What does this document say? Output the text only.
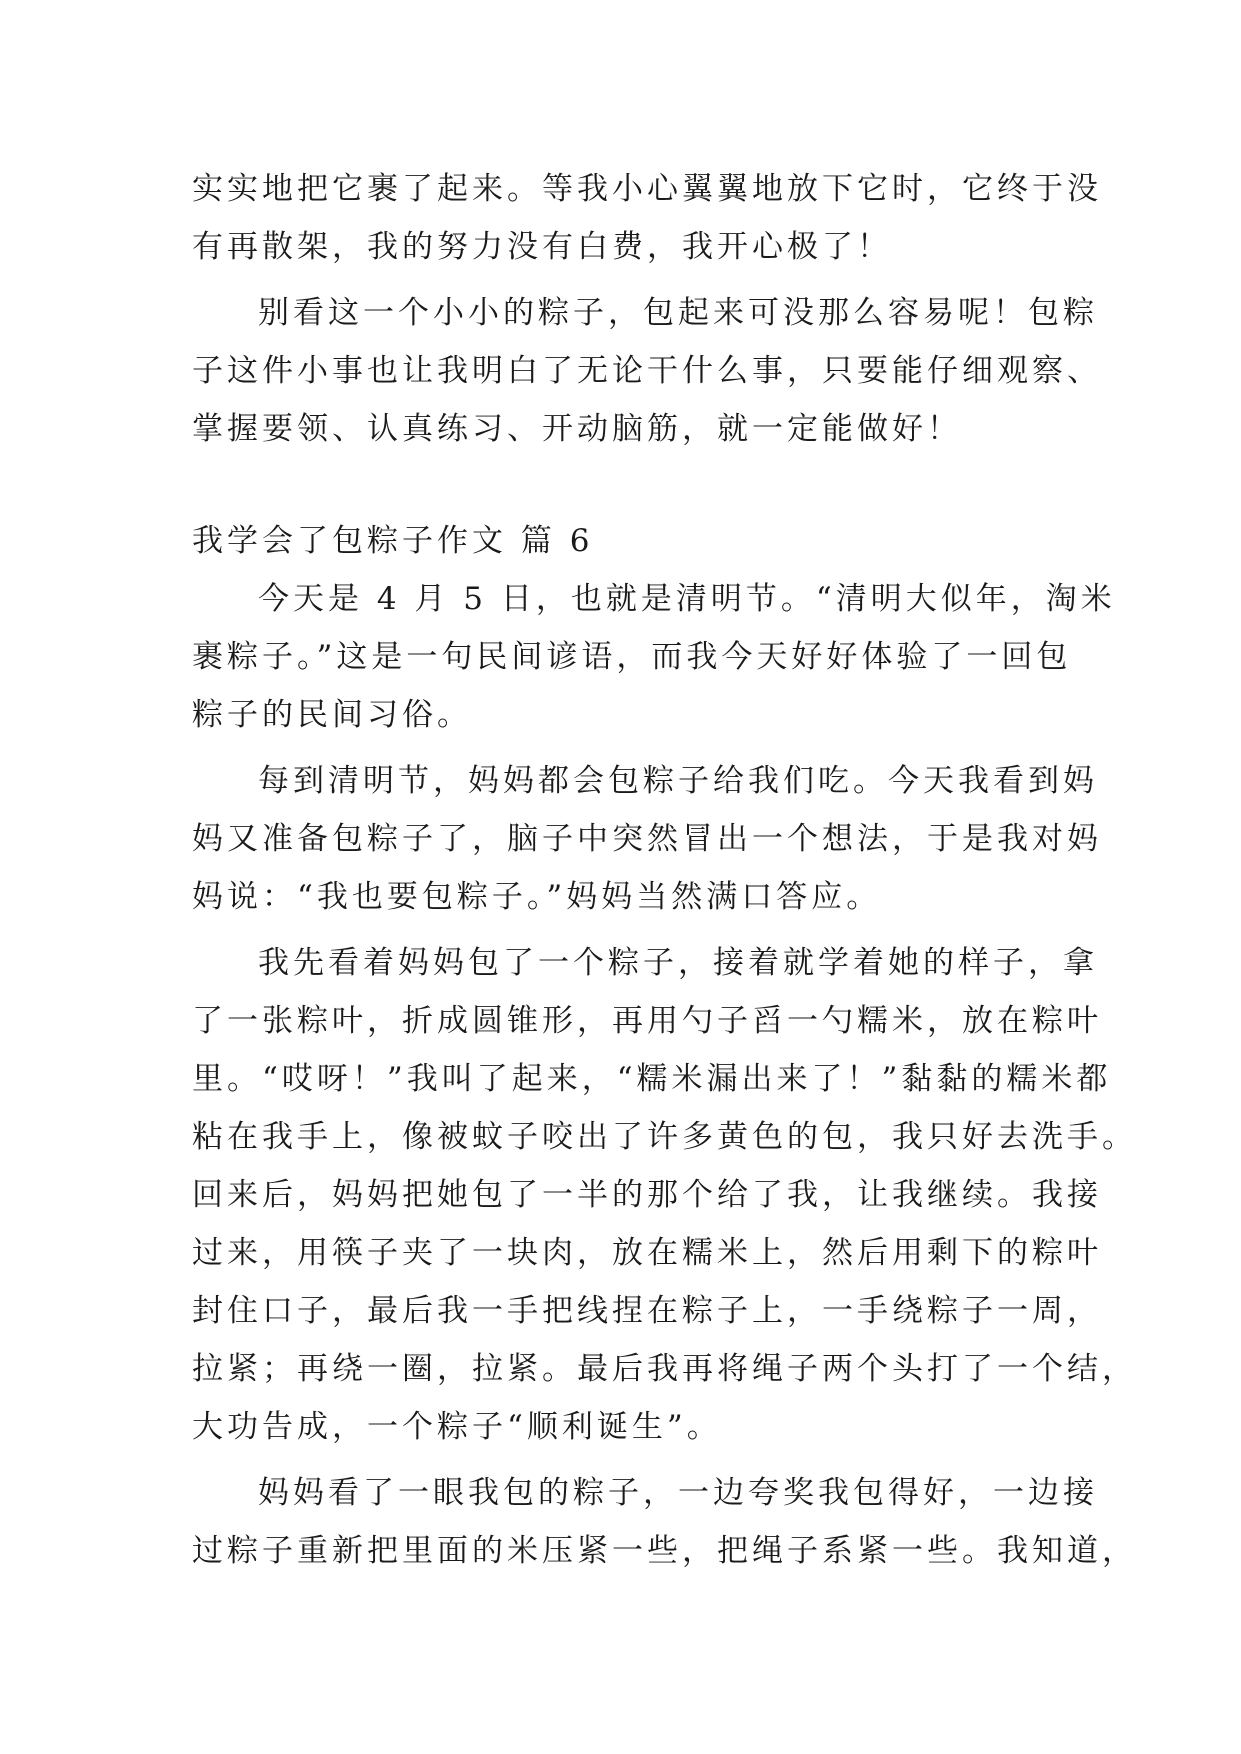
实实地把它裹了起来。等我小心翼翼地放下它时，它终于没
有再散架，我的努力没有白费，我开心极了！
别看这一个小小的粽子，包起来可没那么容易呢！包粽
子这件小事也让我明白了无论干什么事，只要能仔细观察、
掌握要领、认真练习、开动脑筋，就一定能做好！
我学会了包粽子作文 篇 6
今天是 4 月 5 日，也就是清明节。“清明大似年，淘米
裹粽子。”这是一句民间谚语，而我今天好好体验了一回包
粽子的民间习俗。
每到清明节，妈妈都会包粽子给我们吃。今天我看到妈
妈又准备包粽子了，脑子中突然冒出一个想法，于是我对妈
妈说：“我也要包粽子。”妈妈当然满口答应。
我先看着妈妈包了一个粽子，接着就学着她的样子，拿
了一张粽叶，折成圆锥形，再用勺子舀一勺糯米，放在粽叶
里。“哎呀！”我叫了起来，“糯米漏出来了！”黏黏的糯米都
粘在我手上，像被蚊子咬出了许多黄色的包，我只好去洗手。
回来后，妈妈把她包了一半的那个给了我，让我继续。我接
过来，用筷子夹了一块肉，放在糯米上，然后用剩下的粽叶
封住口子，最后我一手把线捏在粽子上，一手绕粽子一周，
拉紧；再绕一圈，拉紧。最后我再将绳子两个头打了一个结，
大功告成，一个粽子“顺利诞生”。
妈妈看了一眼我包的粽子，一边夸奖我包得好，一边接
过粽子重新把里面的米压紧一些，把绳子系紧一些。我知道，
